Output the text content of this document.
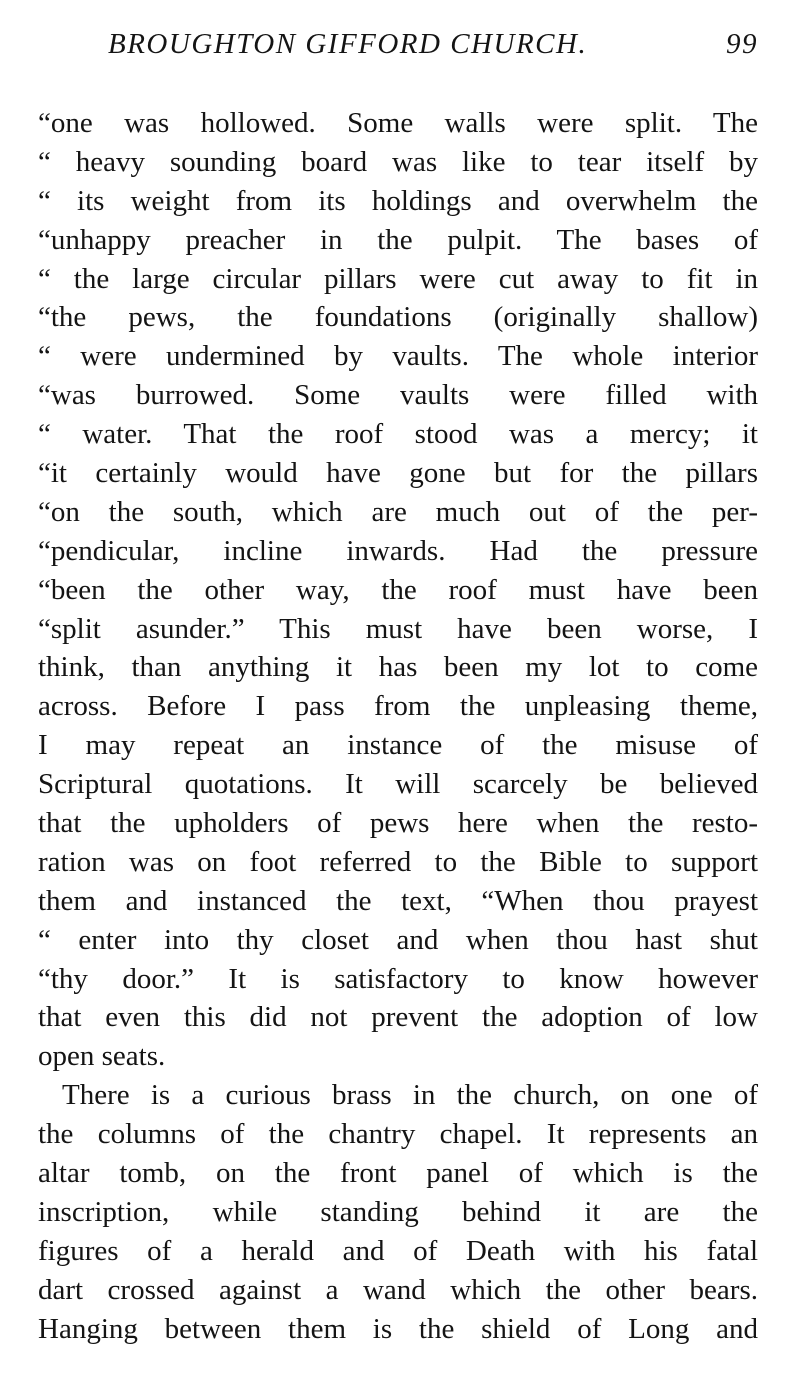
BROUGHTON GIFFORD CHURCH.	99
“one was hollowed. Some walls were split. The
“ heavy sounding board was like to tear itself by
“ its weight from its holdings and overwhelm the
“unhappy preacher in the pulpit. The bases of
“ the large circular pillars were cut away to fit in
“the pews, the foundations (originally shallow)
“ were undermined by vaults. The whole interior
“was burrowed. Some vaults were filled with
“ water. That the roof stood was a mercy; it
“it certainly would have gone but for the pillars
“on the south, which are much out of the per-
“pendicular, incline inwards. Had the pressure
“been the other way, the roof must have been
“split asunder.” This must have been worse, I
think, than anything it has been my lot to come
across. Before I pass from the unpleasing theme,
I may repeat an instance of the misuse of
Scriptural quotations. It will scarcely be believed
that the upholders of pews here when the resto-
ration was on foot referred to the Bible to support
them and instanced the text, “When thou prayest
“ enter into thy closet and when thou hast shut
“thy door.” It is satisfactory to know however
that even this did not prevent the adoption of low
open seats.
There is a curious brass in the church, on one of
the columns of the chantry chapel. It represents an
altar tomb, on the front panel of which is the
inscription, while standing behind it are the
figures of a herald and of Death with his fatal
dart crossed against a wand which the other bears.
Hanging between them is the shield of Long and
